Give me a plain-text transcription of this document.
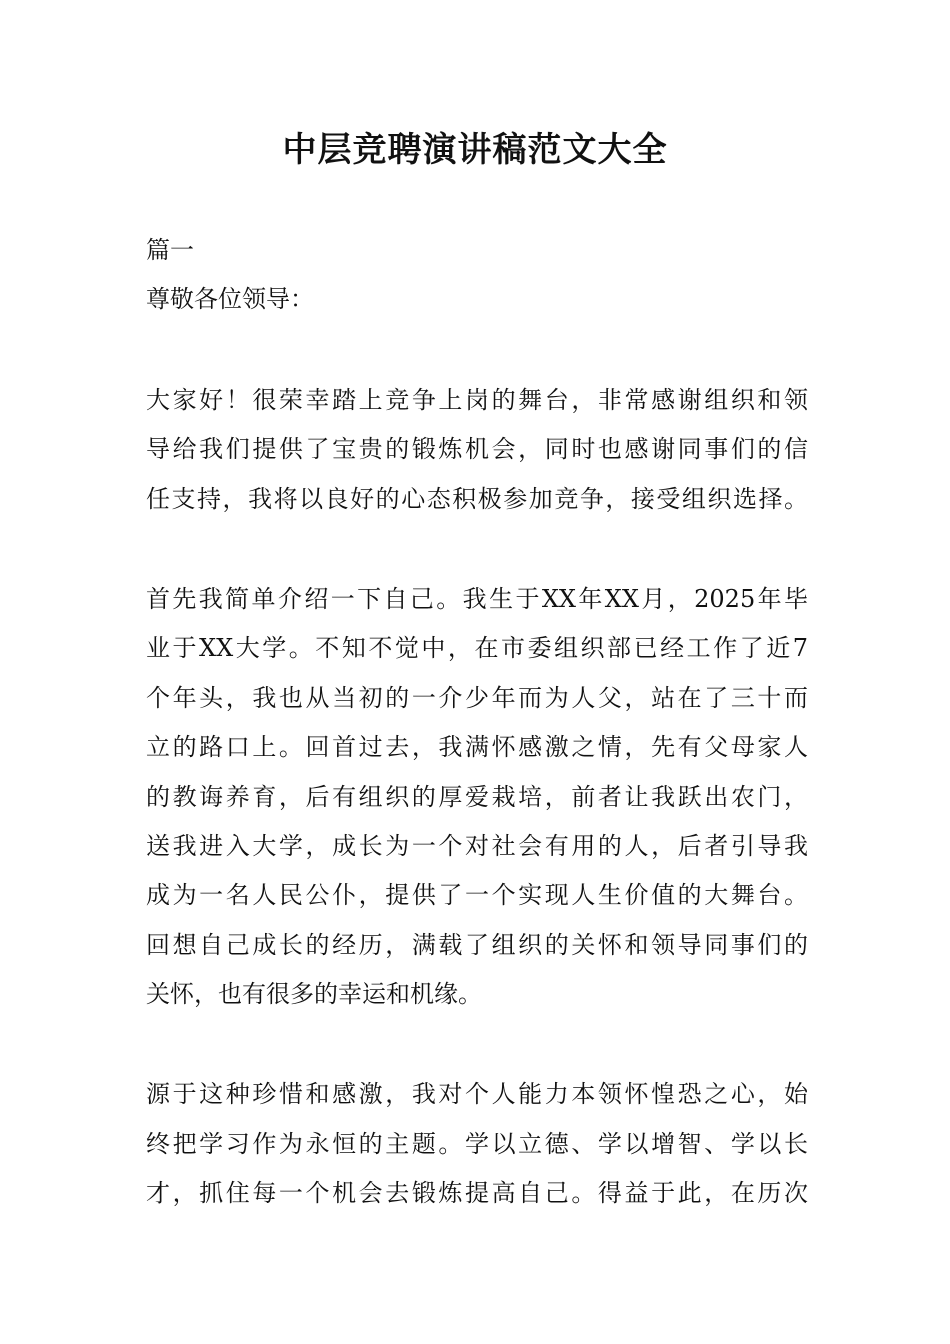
中层竞聘演讲稿范文大全
篇一
尊敬各位领导：
大家好！很荣幸踏上竞争上岗的舞台，非常感谢组织和领
导给我们提供了宝贵的锻炼机会，同时也感谢同事们的信
任支持，我将以良好的心态积极参加竞争，接受组织选择。
首先我简单介绍一下自己。我生于XX年XX月，2025年毕
业于XX大学。不知不觉中，在市委组织部已经工作了近7
个年头，我也从当初的一介少年而为人父，站在了三十而
立的路口上。回首过去，我满怀感激之情，先有父母家人
的教诲养育，后有组织的厚爱栽培，前者让我跃出农门，
送我进入大学，成长为一个对社会有用的人，后者引导我
成为一名人民公仆，提供了一个实现人生价值的大舞台。
回想自己成长的经历，满载了组织的关怀和领导同事们的
关怀，也有很多的幸运和机缘。
源于这种珍惜和感激，我对个人能力本领怀惶恐之心，始
终把学习作为永恒的主题。学以立德、学以增智、学以长
才，抓住每一个机会去锻炼提高自己。得益于此，在历次
